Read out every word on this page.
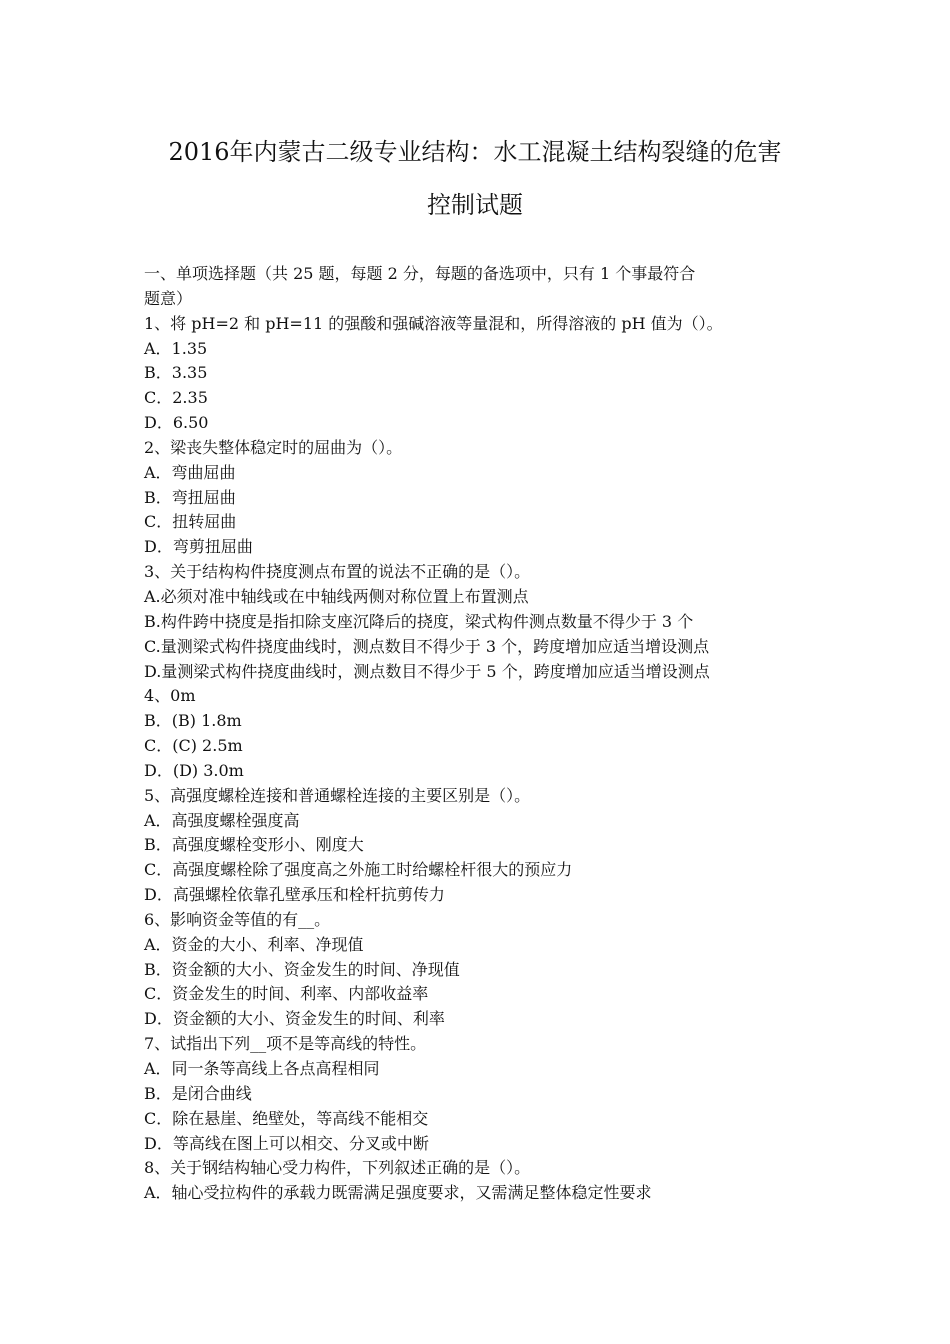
2016年内蒙古二级专业结构：水工混凝土结构裂缝的危害
控制试题
一、单项选择题（共 25 题，每题 2 分，每题的备选项中，只有 1 个事最符合
题意）
1、将 pH=2 和 pH=11 的强酸和强碱溶液等量混和，所得溶液的 pH 值为（）。
A．1.35
B．3.35
C．2.35
D．6.50
2、梁丧失整体稳定时的屈曲为（）。
A．弯曲屈曲
B．弯扭屈曲
C．扭转屈曲
D．弯剪扭屈曲
3、关于结构构件挠度测点布置的说法不正确的是（）。
A.必须对准中轴线或在中轴线两侧对称位置上布置测点
B.构件跨中挠度是指扣除支座沉降后的挠度，梁式构件测点数量不得少于 3 个
C.量测梁式构件挠度曲线时，测点数目不得少于 3 个，跨度增加应适当增设测点
D.量测梁式构件挠度曲线时，测点数目不得少于 5 个，跨度增加应适当增设测点
4、0m
B．(B) 1.8m
C．(C) 2.5m
D．(D) 3.0m
5、高强度螺栓连接和普通螺栓连接的主要区别是（）。
A．高强度螺栓强度高
B．高强度螺栓变形小、刚度大
C．高强度螺栓除了强度高之外施工时给螺栓杆很大的预应力
D．高强螺栓依靠孔壁承压和栓杆抗剪传力
6、影响资金等值的有__。
A．资金的大小、利率、净现值
B．资金额的大小、资金发生的时间、净现值
C．资金发生的时间、利率、内部收益率
D．资金额的大小、资金发生的时间、利率
7、试指出下列__项不是等高线的特性。
A．同一条等高线上各点高程相同
B．是闭合曲线
C．除在悬崖、绝壁处，等高线不能相交
D．等高线在图上可以相交、分叉或中断
8、关于钢结构轴心受力构件，下列叙述正确的是（）。
A．轴心受拉构件的承载力既需满足强度要求，又需满足整体稳定性要求
